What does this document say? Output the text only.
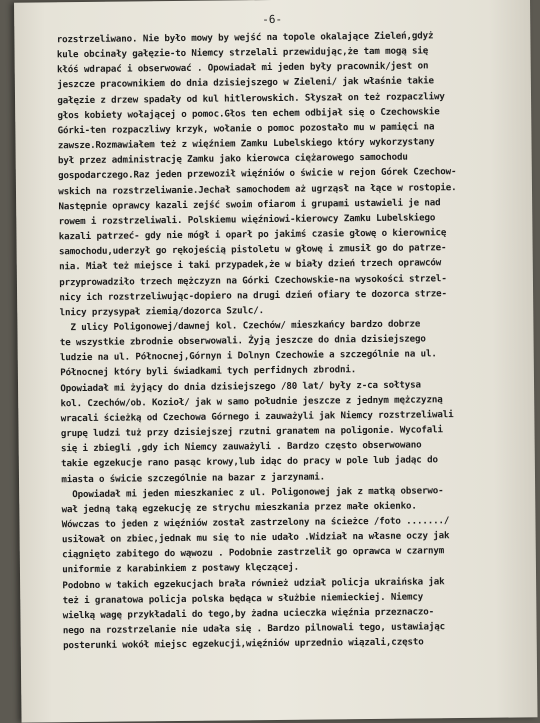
-6-
rozstrzeliwano. Nie było mowy by wejść na topole okalające Zieleń,gdyż
kule obcinały gałęzie-to Niemcy strzelali przewidując,że tam mogą się
kłóś wdrapać i obserwować . Opowiadał mi jeden były pracownik/jest on
jeszcze pracownikiem do dnia dzisiejszego w Zieleni/ jak właśnie takie
gałęzie z drzew spadały od kul hitlerowskich. Słyszał on też rozpaczliwy
głos kobiety wołającej o pomoc.Głos ten echem odbijał się o Czechowskie
Górki-ten rozpaczliwy krzyk, wołanie o pomoc pozostało mu w pamięci na
zawsze.Rozmawiałem też z więźniem Zamku Lubelskiego który wykorzystany
był przez administrację Zamku jako kierowca ciężarowego samochodu
gospodarczego.Raz jeden przewoził więźniów o świcie w rejon Górek Czechow-
wskich na rozstrzeliwanie.Jechał samochodem aż ugrząsł na łące w rostopie.
Następnie oprawcy kazali zejść swoim ofiarom i grupami ustawieli je nad
rowem i rozstrzeliwali. Polskiemu więźniowi-kierowcy Zamku Lubelskiego
kazali patrzeć- gdy nie mógł i oparł po jakimś czasie głowę o kierownicę
samochodu,uderzył go rękojeścią pistoletu w głowę i zmusił go do patrze-
nia. Miał też miejsce i taki przypadek,że w biały dzień trzech oprawców
przyprowadziło trzech mężczyzn na Górki Czechowskie-na wysokości strzel-
nicy ich rozstrzeliwując-dopiero na drugi dzień ofiary te dozorca strze-
lnicy przysypał ziemią/dozorca Szulc/.
Z ulicy Poligonowej/dawnej kol. Czechów/ mieszkańcy bardzo dobrze
te wszystkie zbrodnie obserwowali. Żyją jeszcze do dnia dzisiejszego
ludzie na ul. Północnej,Górnyn i Dolnyn Czechowie a szczególnie na ul.
Północnej który byli świadkami tych perfidnych zbrodni.
Opowiadał mi żyjący do dnia dzisiejszego /80 lat/ były z-ca sołtysa
kol. Czechów/ob. Kozioł/ jak w samo południe jeszcze z jednym mężczyzną
wracali ścieżką od Czechowa Górnego i zauważyli jak Niemcy rozstrzeliwali
grupę ludzi tuż przy dzisiejszej rzutni granatem na poligonie. Wycofali
się i zbiegli ,gdy ich Niemcy zauważyli . Bardzo często obserwowano
takie egzekucje rano pasąc krowy,lub idąc do pracy w pole lub jadąc do
miasta o świcie szczególnie na bazar z jarzynami.
Opowiadał mi jeden mieszkaniec z ul. Poligonowej jak z matką obserwo-
wał jedną taką egzekucję ze strychu mieszkania przez małe okienko.
Wówczas to jeden z więźniów został zastrzelony na ścieżce /foto ......./
usiłował on zbiec,jednak mu się to nie udało .Widział na własne oczy jak
ciągnięto zabitego do wąwozu . Podobnie zastrzelił go oprawca w czarnym
uniformie z karabinkiem z postawy klęczącej.
Podobno w takich egzekucjach brała również udział policja ukraińska jak
też i granatowa policja polska będąca w służbie niemieckiej. Niemcy
wielką wagę przykładali do tego,by żadna ucieczka więźnia przeznaczo-
nego na rozstrzelanie nie udała się . Bardzo pilnowali tego, ustawiając
posterunki wokół miejsc egzekucji,więźniów uprzednio wiązali,często
